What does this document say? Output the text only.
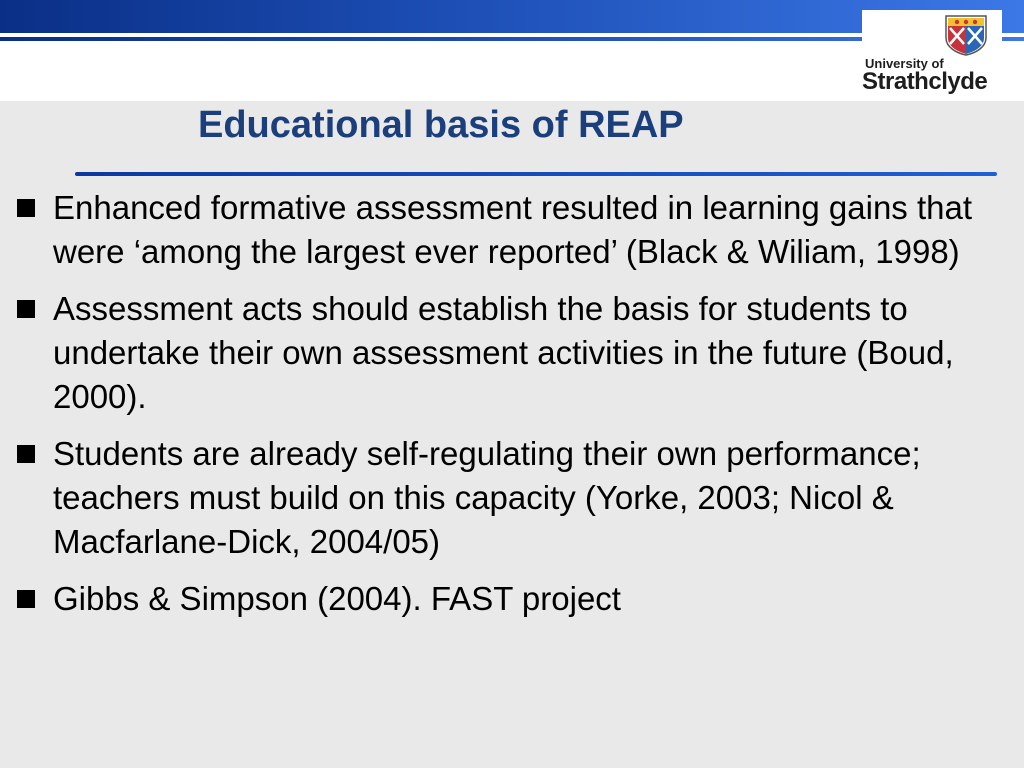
University of
Strathclyde
Educational basis of REAP
Enhanced formative assessment resulted in learning gains that were ‘among the largest ever reported’ (Black & Wiliam, 1998)
Assessment acts should establish the basis for students to undertake their own assessment activities in the future (Boud, 2000).
Students are already self-regulating their own performance; teachers must build on this capacity (Yorke, 2003; Nicol & Macfarlane-Dick, 2004/05)
Gibbs & Simpson (2004). FAST project
